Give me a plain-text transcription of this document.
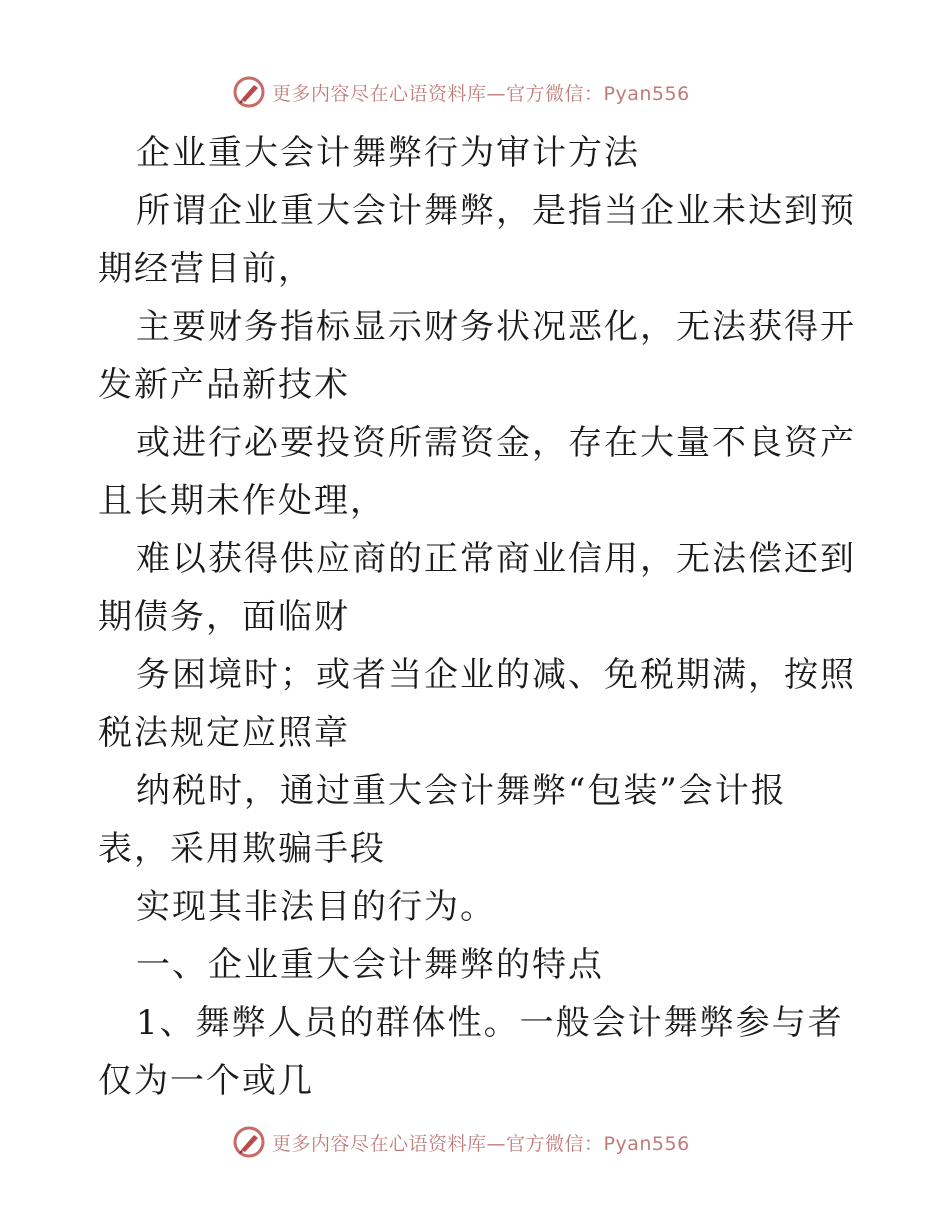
更多内容尽在心语资料库—官方微信：Pyan556

企业重大会计舞弊行为审计方法

所谓企业重大会计舞弊，是指当企业未达到预期经营目前，

主要财务指标显示财务状况恶化，无法获得开发新产品新技术

或进行必要投资所需资金，存在大量不良资产且长期未作处理，

难以获得供应商的正常商业信用，无法偿还到期债务，面临财

务困境时；或者当企业的减、免税期满，按照税法规定应照章

纳税时，通过重大会计舞弊“包装”会计报表，采用欺骗手段

实现其非法目的行为。

一、企业重大会计舞弊的特点

1、舞弊人员的群体性。一般会计舞弊参与者仅为一个或几

更多内容尽在心语资料库—官方微信：Pyan556
